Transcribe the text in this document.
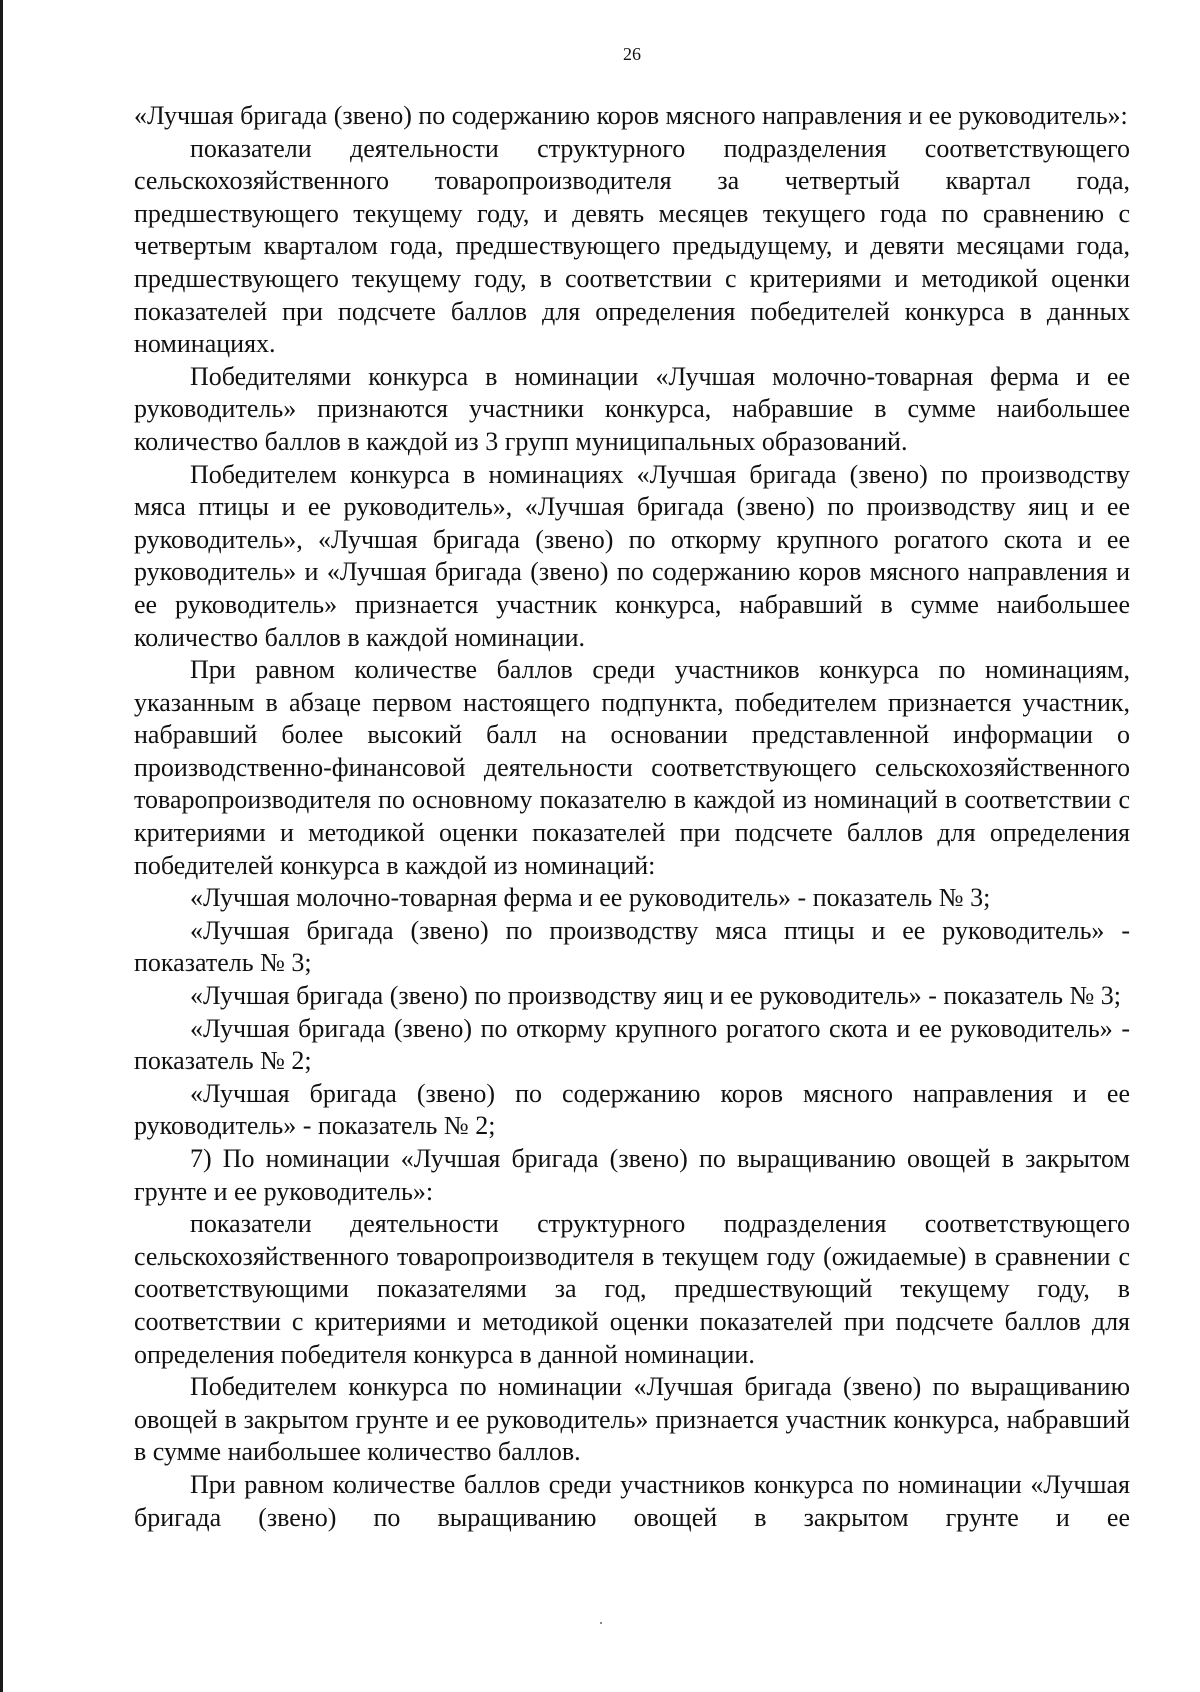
26

«Лучшая бригада (звено) по содержанию коров мясного направления и ее руководитель»:

показатели деятельности структурного подразделения соответствующего сельскохозяйственного товаропроизводителя за четвертый квартал года, предшествующего текущему году, и девять месяцев текущего года по сравнению с четвертым кварталом года, предшествующего предыдущему, и девяти месяцами года, предшествующего текущему году, в соответствии с критериями и методикой оценки показателей при подсчете баллов для определения победителей конкурса в данных номинациях.

Победителями конкурса в номинации «Лучшая молочно-товарная ферма и ее руководитель» признаются участники конкурса, набравшие в сумме наибольшее количество баллов в каждой из 3 групп муниципальных образований.

Победителем конкурса в номинациях «Лучшая бригада (звено) по производству мяса птицы и ее руководитель», «Лучшая бригада (звено) по производству яиц и ее руководитель», «Лучшая бригада (звено) по откорму крупного рогатого скота и ее руководитель» и «Лучшая бригада (звено) по содержанию коров мясного направления и ее руководитель» признается участник конкурса, набравший в сумме наибольшее количество баллов в каждой номинации.

При равном количестве баллов среди участников конкурса по номинациям, указанным в абзаце первом настоящего подпункта, победителем признается участник, набравший более высокий балл на основании представленной информации о производственно-финансовой деятельности соответствующего сельскохозяйственного товаропроизводителя по основному показателю в каждой из номинаций в соответствии с критериями и методикой оценки показателей при подсчете баллов для определения победителей конкурса в каждой из номинаций:

«Лучшая молочно-товарная ферма и ее руководитель» - показатель № 3;

«Лучшая бригада (звено) по производству мяса птицы и ее руководитель» - показатель № 3;

«Лучшая бригада (звено) по производству яиц и ее руководитель» - показатель № 3;

«Лучшая бригада (звено) по откорму крупного рогатого скота и ее руководитель» - показатель № 2;

«Лучшая бригада (звено) по содержанию коров мясного направления и ее руководитель» - показатель № 2;

7) По номинации «Лучшая бригада (звено) по выращиванию овощей в закрытом грунте и ее руководитель»:

показатели деятельности структурного подразделения соответствующего сельскохозяйственного товаропроизводителя в текущем году (ожидаемые) в сравнении с соответствующими показателями за год, предшествующий текущему году, в соответствии с критериями и методикой оценки показателей при подсчете баллов для определения победителя конкурса в данной номинации.

Победителем конкурса по номинации «Лучшая бригада (звено) по выращиванию овощей в закрытом грунте и ее руководитель» признается участник конкурса, набравший в сумме наибольшее количество баллов.

При равном количестве баллов среди участников конкурса по номинации «Лучшая бригада (звено) по выращиванию овощей в закрытом грунте и ее
